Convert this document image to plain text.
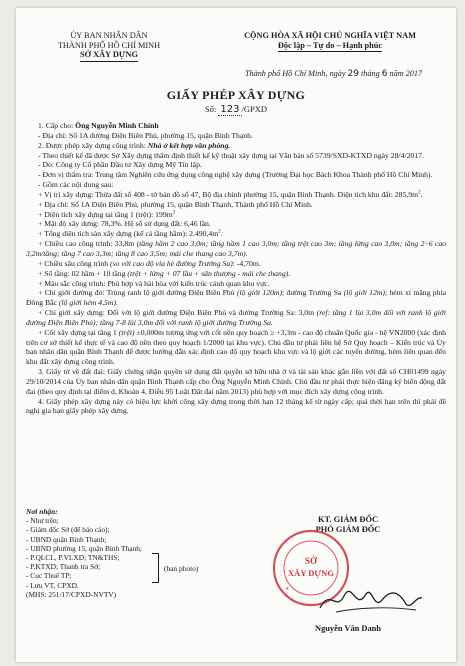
ỦY BAN NHÂN DÂN
THÀNH PHỐ HỒ CHÍ MINH
SỞ XÂY DỰNG
CỘNG HÒA XÃ HỘI CHỦ NGHĨA VIỆT NAM
Độc lập – Tự do – Hạnh phúc
Thành phố Hồ Chí Minh, ngày 29 tháng 6 năm 2017
GIẤY PHÉP XÂY DỰNG
Số: 123 /GPXD

1. Cấp cho: Ông Nguyễn Minh Chính

- Địa chỉ: Số 1A đường Điện Biên Phủ, phường 15, quận Bình Thạnh.

2. Được phép xây dựng công trình: Nhà ở kết hợp văn phòng.

- Theo thiết kế đã được Sở Xây dựng thẩm định thiết kế kỹ thuật xây dựng tại Văn bản số 5739/SXD-KTXD ngày 28/4/2017.

- Do: Công ty Cổ phần Đầu tư Xây dựng Mỹ Tín lập.

- Đơn vị thẩm tra: Trung tâm Nghiên cứu ứng dụng công nghệ xây dựng (Trường Đại học Bách Khoa Thành phố Hồ Chí Minh).

- Gồm các nội dung sau:

+ Vị trí xây dựng: Thửa đất số 408 - tờ bản đồ số 47, Bộ địa chính phường 15, quận Bình Thạnh. Diện tích khu đất: $285,9m^2$.

+ Địa chỉ: Số 1A Điện Biên Phủ, phường 15, quận Bình Thạnh, Thành phố Hồ Chí Minh.

+ Diện tích xây dựng tại tầng 1 (trệt): $199m^2$

+ Mật độ xây dựng: 78,3%. Hệ số sử dụng đất: 6,46 lần.

+ Tổng diện tích sàn xây dựng (kể cả tầng hầm): $2.490,4m^2$.

+ Chiều cao công trình: 33,8m (tầng hầm 2 cao 3,0m; tầng hầm 1 cao 3,0m; tầng trệt cao 3m; tầng lửng cao 3,0m; tầng 2÷6 cao 3,2m/tầng; tầng 7 cao 3,3m; tầng 8 cao 3,5m; mái che thang cao 3,7m).

+ Chiều sâu công trình (so với cao độ vỉa hè đường Trường Sa): -4,70m.

+ Số tầng: 02 hầm + 10 tầng (trệt + lửng + 07 lầu + sân thượng - mái che thang).

+ Màu sắc công trình: Phù hợp và hài hòa với kiến trúc cảnh quan khu vực.

+ Chỉ giới đường đỏ: Trùng ranh lộ giới đường Điện Biên Phủ (lộ giới 120m); đường Trường Sa (lộ giới 12m); hẻm xi măng phía Đông Bắc (lộ giới hẻm 4,5m).

+ Chỉ giới xây dựng: Đối với lộ giới đường Điện Biên Phủ và đường Trường Sa: 3,0m (ref: tầng 1 lùi 3,0m đối với ranh lộ giới đường Điện Biên Phủ); tầng 7-8 lùi 3,0m đối với ranh lộ giới đường Trường Sa.

+ Cốt xây dựng tại tầng 1 (trệt) ±0,000m tương ứng với cốt nền quy hoạch ≥ +3,3m - cao độ chuẩn Quốc gia - hệ VN2000 (xác định trên cơ sở thiết kế thực tế và cao độ nền theo quy hoạch 1/2000 tại khu vực). Chủ đầu tư phải liên hệ Sở Quy hoạch – Kiến trúc và Ủy ban nhân dân quận Bình Thạnh để được hướng dẫn xác định cao độ quy hoạch khu vực và lộ giới các tuyến đường, hẻm liên quan đến khu đất xây dựng công trình.

3. Giấy tờ về đất đai: Giấy chứng nhận quyền sử dụng đất quyền sở hữu nhà ở và tài sản khác gắn liền với đất số CH01499 ngày 29/10/2014 của Ủy ban nhân dân quận Bình Thạnh cấp cho Ông Nguyễn Minh Chính. Chủ đầu tư phải thực hiện đăng ký biến động đất đai (theo quy định tại điểm d, Khoản 4, Điều 95 Luật Đất đai năm 2013) phù hợp với mục đích xây dựng công trình.

4. Giấy phép xây dựng này có hiệu lực khởi công xây dựng trong thời hạn 12 tháng kể từ ngày cấp; quá thời hạn trên thì phải đề nghị gia hạn giấy phép xây dựng.

Nơi nhận:
- Như trên;
- Giám đốc Sở (để báo cáo);
- UBND quận Bình Thạnh;
- UBND phường 15, quận Bình Thạnh;
- P.QLCL, P.VLXD; TN&THS;
- P.KTXD; Thanh tra Sở;
- Cục Thuế TP;
- Lưu VT, CPXD.
(MHS: 251/17/CPXD-NVTV)
(ban photo)
KT. GIÁM ĐỐC
PHÓ GIÁM ĐỐC
SỞ
XÂY DỰNG
★
Nguyễn Văn Danh
